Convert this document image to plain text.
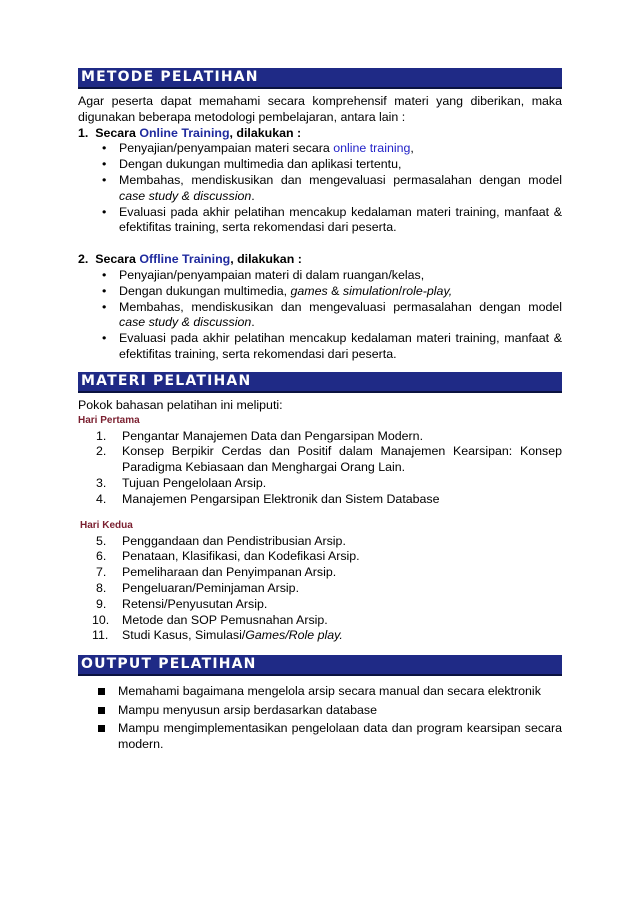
METODE PELATIHAN
Agar peserta dapat memahami secara komprehensif materi yang diberikan, maka digunakan beberapa metodologi pembelajaran, antara lain :
1. Secara Online Training, dilakukan :
• Penyajian/penyampaian materi secara online training,
• Dengan dukungan multimedia dan aplikasi tertentu,
• Membahas, mendiskusikan dan mengevaluasi permasalahan dengan model case study & discussion.
• Evaluasi pada akhir pelatihan mencakup kedalaman materi training, manfaat & efektifitas training, serta rekomendasi dari peserta.
2. Secara Offline Training, dilakukan :
• Penyajian/penyampaian materi di dalam ruangan/kelas,
• Dengan dukungan multimedia, games & simulation/role-play,
• Membahas, mendiskusikan dan mengevaluasi permasalahan dengan model case study & discussion.
• Evaluasi pada akhir pelatihan mencakup kedalaman materi training, manfaat & efektifitas training, serta rekomendasi dari peserta.
MATERI PELATIHAN
Pokok bahasan pelatihan ini meliputi:
Hari Pertama
1. Pengantar Manajemen Data dan Pengarsipan Modern.
2. Konsep Berpikir Cerdas dan Positif dalam Manajemen Kearsipan: Konsep Paradigma Kebiasaan dan Menghargai Orang Lain.
3. Tujuan Pengelolaan Arsip.
4. Manajemen Pengarsipan Elektronik dan Sistem Database
Hari Kedua
5. Penggandaan dan Pendistribusian Arsip.
6. Penataan, Klasifikasi, dan Kodefikasi Arsip.
7. Pemeliharaan dan Penyimpanan Arsip.
8. Pengeluaran/Peminjaman Arsip.
9. Retensi/Penyusutan Arsip.
10. Metode dan SOP Pemusnahan Arsip.
11. Studi Kasus, Simulasi/Games/Role play.
OUTPUT PELATIHAN
Memahami bagaimana mengelola arsip secara manual dan secara elektronik
Mampu menyusun arsip berdasarkan database
Mampu mengimplementasikan pengelolaan data dan program kearsipan secara modern.
